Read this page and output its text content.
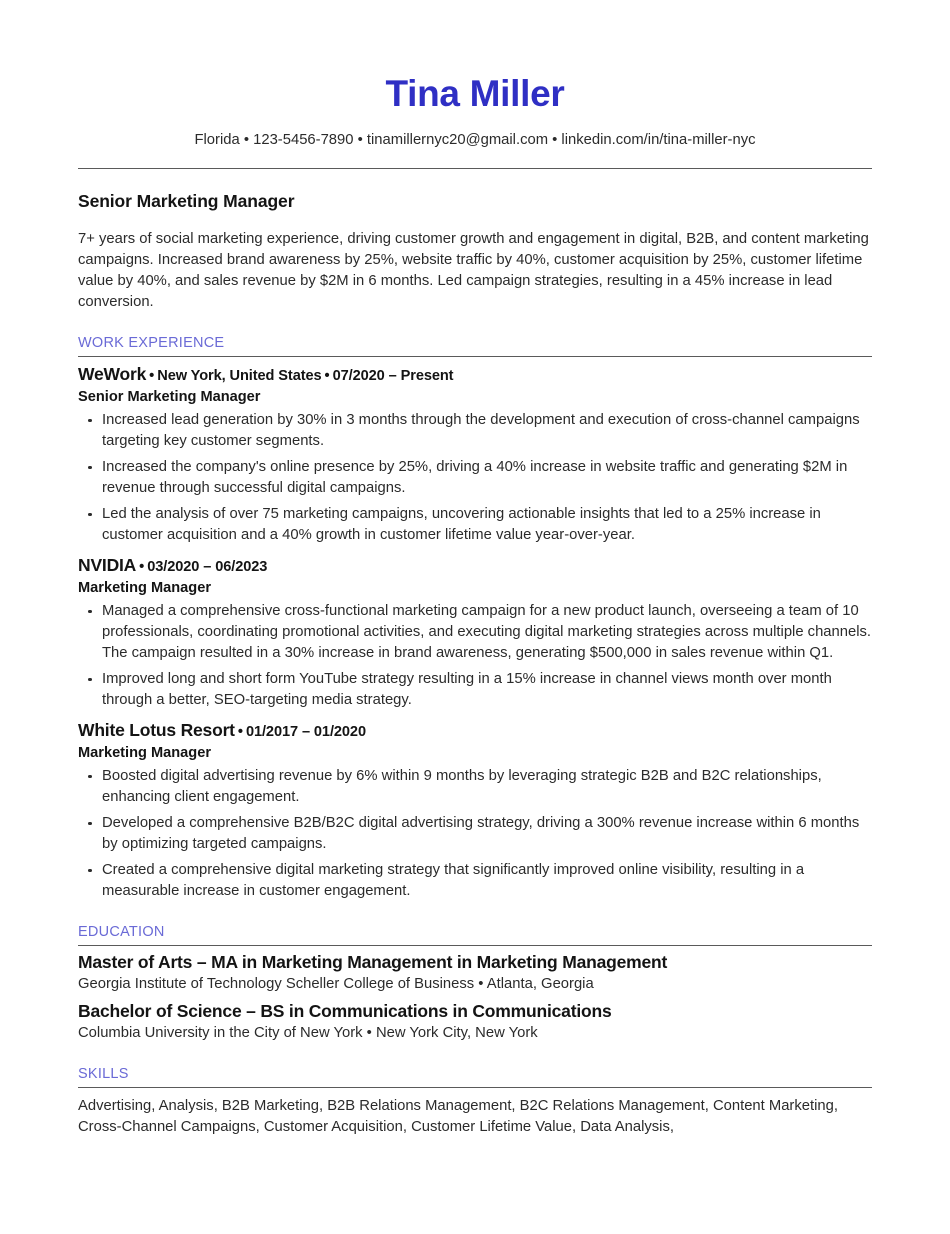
Tina Miller
Florida • 123-5456-7890 • tinamillernyc20@gmail.com • linkedin.com/in/tina-miller-nyc
Senior Marketing Manager
7+ years of social marketing experience, driving customer growth and engagement in digital, B2B, and content marketing campaigns. Increased brand awareness by 25%, website traffic by 40%, customer acquisition by 25%, customer lifetime value by 40%, and sales revenue by $2M in 6 months. Led campaign strategies, resulting in a 45% increase in lead conversion.
WORK EXPERIENCE
WeWork • New York, United States • 07/2020 – Present
Senior Marketing Manager
Increased lead generation by 30% in 3 months through the development and execution of cross-channel campaigns targeting key customer segments.
Increased the company's online presence by 25%, driving a 40% increase in website traffic and generating $2M in revenue through successful digital campaigns.
Led the analysis of over 75 marketing campaigns, uncovering actionable insights that led to a 25% increase in customer acquisition and a 40% growth in customer lifetime value year-over-year.
NVIDIA • 03/2020 – 06/2023
Marketing Manager
Managed a comprehensive cross-functional marketing campaign for a new product launch, overseeing a team of 10 professionals, coordinating promotional activities, and executing digital marketing strategies across multiple channels. The campaign resulted in a 30% increase in brand awareness, generating $500,000 in sales revenue within Q1.
Improved long and short form YouTube strategy resulting in a 15% increase in channel views month over month through a better, SEO-targeting media strategy.
White Lotus Resort • 01/2017 – 01/2020
Marketing Manager
Boosted digital advertising revenue by 6% within 9 months by leveraging strategic B2B and B2C relationships, enhancing client engagement.
Developed a comprehensive B2B/B2C digital advertising strategy, driving a 300% revenue increase within 6 months by optimizing targeted campaigns.
Created a comprehensive digital marketing strategy that significantly improved online visibility, resulting in a measurable increase in customer engagement.
EDUCATION
Master of Arts – MA in Marketing Management in Marketing Management
Georgia Institute of Technology Scheller College of Business • Atlanta, Georgia
Bachelor of Science – BS in Communications in Communications
Columbia University in the City of New York • New York City, New York
SKILLS
Advertising, Analysis, B2B Marketing, B2B Relations Management, B2C Relations Management, Content Marketing, Cross-Channel Campaigns, Customer Acquisition, Customer Lifetime Value, Data Analysis,
